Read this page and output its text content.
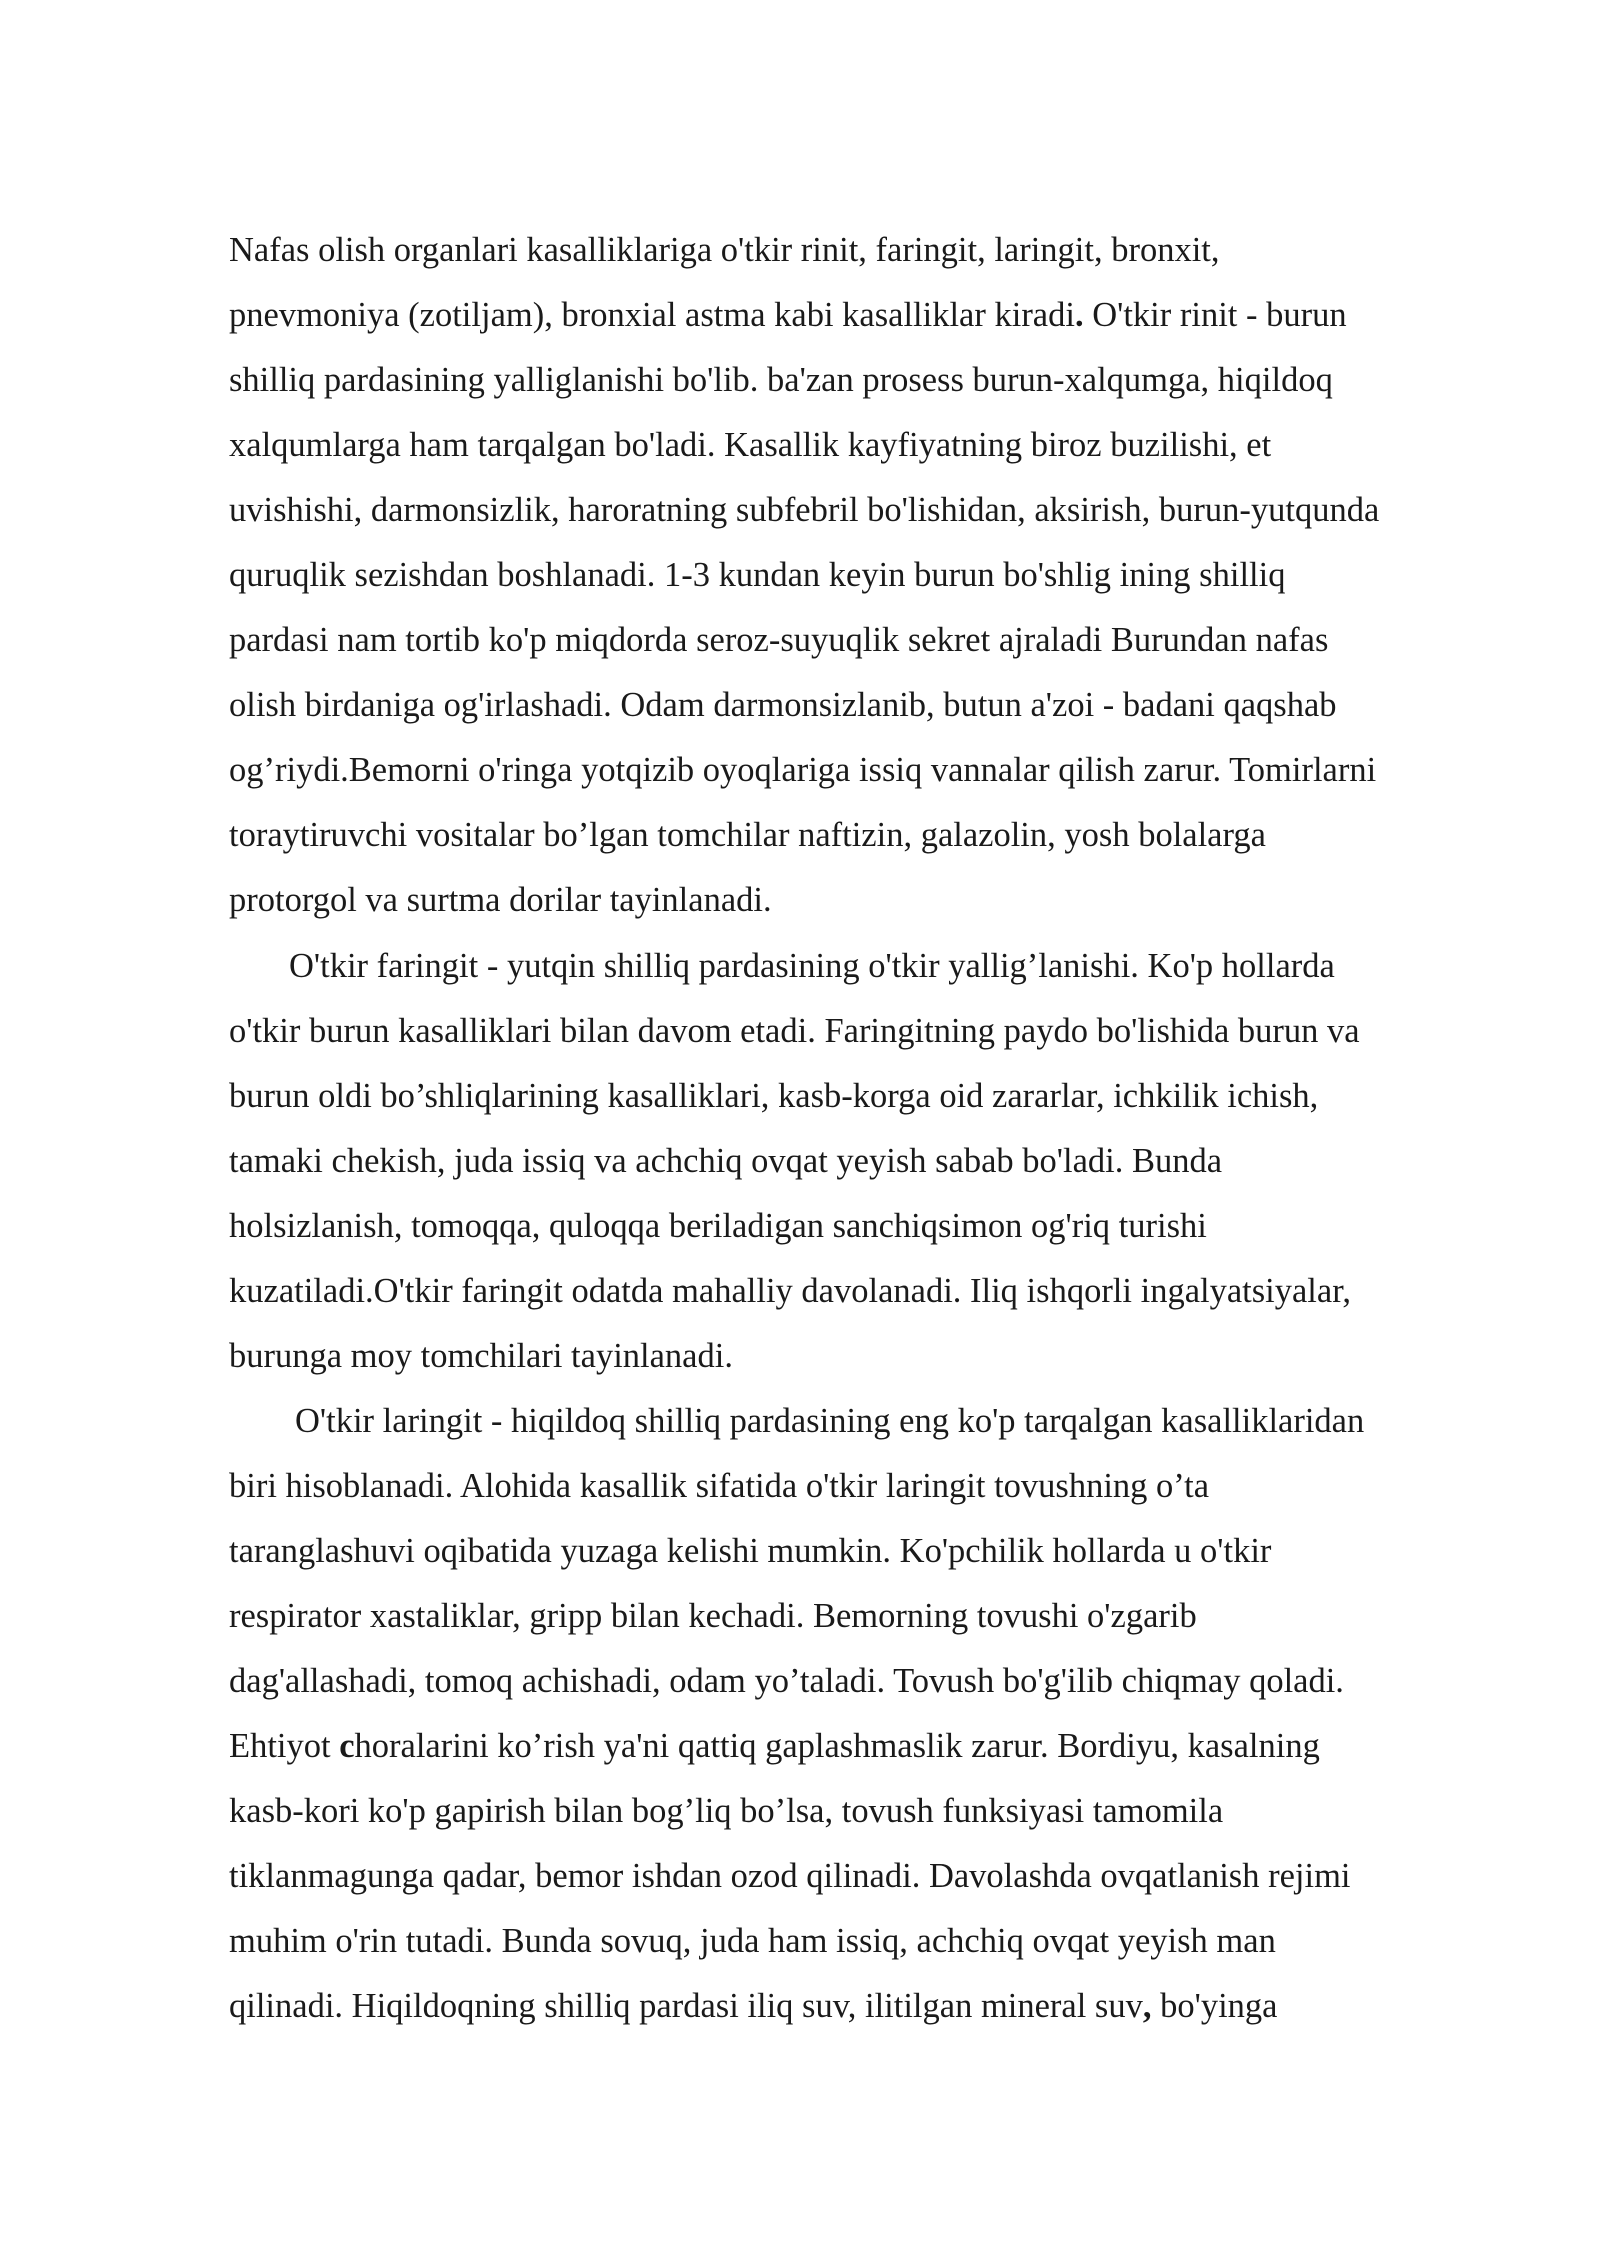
Nafas olish organlari kasalliklariga o'tkir rinit, faringit, laringit, bronxit,
pnevmoniya (zotiljam), bronxial astma kabi kasalliklar kiradi. O'tkir rinit - burun
shilliq pardasining yalliglanishi bo'lib. ba'zan prosess burun-xalqumga, hiqildoq
xalqumlarga ham tarqalgan bo'ladi. Kasallik kayfiyatning biroz buzilishi, et
uvishishi, darmonsizlik, haroratning subfebril bo'lishidan, aksirish, burun-yutqunda
quruqlik sezishdan boshlanadi. 1-3 kundan keyin burun bo'shlig ining shilliq
pardasi nam tortib ko'p miqdorda seroz-suyuqlik sekret ajraladi Burundan nafas
olish birdaniga og'irlashadi. Odam darmonsizlanib, butun a'zoi - badani qaqshab
og’riydi.Bemorni o'ringa yotqizib oyoqlariga issiq vannalar qilish zarur. Tomirlarni
toraytiruvchi vositalar bo’lgan tomchilar naftizin, galazolin, yosh bolalarga
protorgol va surtma dorilar tayinlanadi.
O'tkir faringit - yutqin shilliq pardasining o'tkir yallig’lanishi. Ko'p hollarda
o'tkir burun kasalliklari bilan davom etadi. Faringitning paydo bo'lishida burun va
burun oldi bo’shliqlarining kasalliklari, kasb-korga oid zararlar, ichkilik ichish,
tamaki chekish, juda issiq va achchiq ovqat yeyish sabab bo'ladi. Bunda
holsizlanish, tomoqqa, quloqqa beriladigan sanchiqsimon og'riq turishi
kuzatiladi.O'tkir faringit odatda mahalliy davolanadi. Iliq ishqorli ingalyatsiyalar,
burunga moy tomchilari tayinlanadi.
O'tkir laringit - hiqildoq shilliq pardasining eng ko'p tarqalgan kasalliklaridan
biri hisoblanadi. Alohida kasallik sifatida o'tkir laringit tovushning o’ta
taranglashuvi oqibatida yuzaga kelishi mumkin. Ko'pchilik hollarda u o'tkir
respirator xastaliklar, gripp bilan kechadi. Bemorning tovushi o'zgarib
dag'allashadi, tomoq achishadi, odam yo’taladi. Tovush bo'g'ilib chiqmay qoladi.
Ehtiyot choralarini ko’rish ya'ni qattiq gaplashmaslik zarur. Bordiyu, kasalning
kasb-kori ko'p gapirish bilan bog’liq bo’lsa, tovush funksiyasi tamomila
tiklanmagunga qadar, bemor ishdan ozod qilinadi. Davolashda ovqatlanish rejimi
muhim o'rin tutadi. Bunda sovuq, juda ham issiq, achchiq ovqat yeyish man
qilinadi. Hiqildoqning shilliq pardasi iliq suv, ilitilgan mineral suv, bo'yinga
